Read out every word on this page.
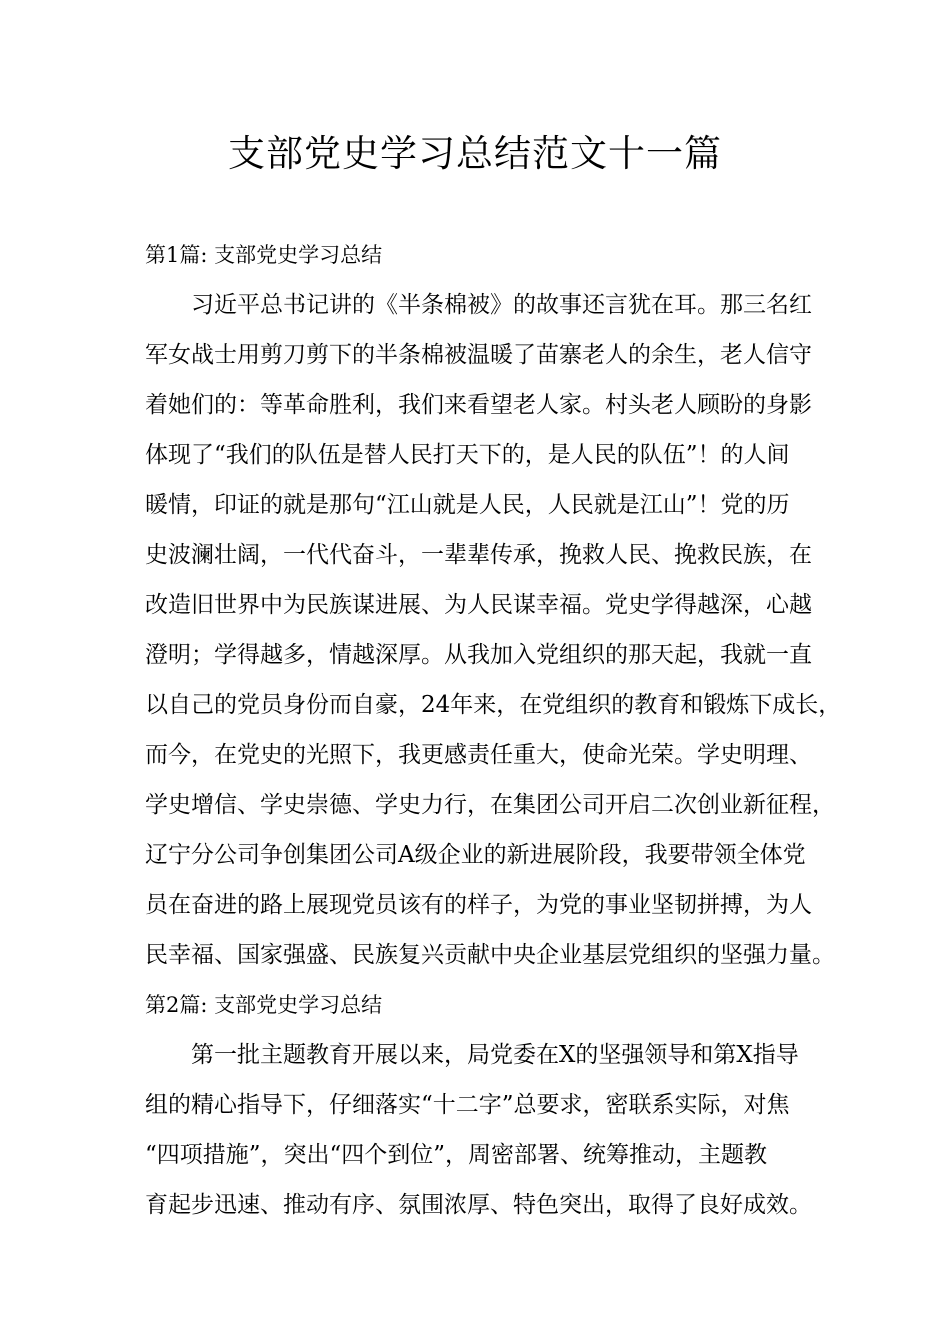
支部党史学习总结范文十一篇
第1篇: 支部党史学习总结
习近平总书记讲的《半条棉被》的故事还言犹在耳。那三名红
军女战士用剪刀剪下的半条棉被温暖了苗寨老人的余生，老人信守
着她们的：等革命胜利，我们来看望老人家。村头老人顾盼的身影
体现了“我们的队伍是替人民打天下的，是人民的队伍”！的人间
暖情，印证的就是那句“江山就是人民，人民就是江山”！党的历
史波澜壮阔，一代代奋斗，一辈辈传承，挽救人民、挽救民族，在
改造旧世界中为民族谋进展、为人民谋幸福。党史学得越深，心越
澄明；学得越多，情越深厚。从我加入党组织的那天起，我就一直
以自己的党员身份而自豪，24年来，在党组织的教育和锻炼下成长，
而今，在党史的光照下，我更感责任重大，使命光荣。学史明理、
学史增信、学史崇德、学史力行，在集团公司开启二次创业新征程，
辽宁分公司争创集团公司A级企业的新进展阶段，我要带领全体党
员在奋进的路上展现党员该有的样子，为党的事业坚韧拼搏，为人
民幸福、国家强盛、民族复兴贡献中央企业基层党组织的坚强力量。
第2篇: 支部党史学习总结
第一批主题教育开展以来，局党委在X的坚强领导和第X指导
组的精心指导下，仔细落实“十二字”总要求，密联系实际，对焦
“四项措施”，突出“四个到位”，周密部署、统筹推动，主题教
育起步迅速、推动有序、氛围浓厚、特色突出，取得了良好成效。
